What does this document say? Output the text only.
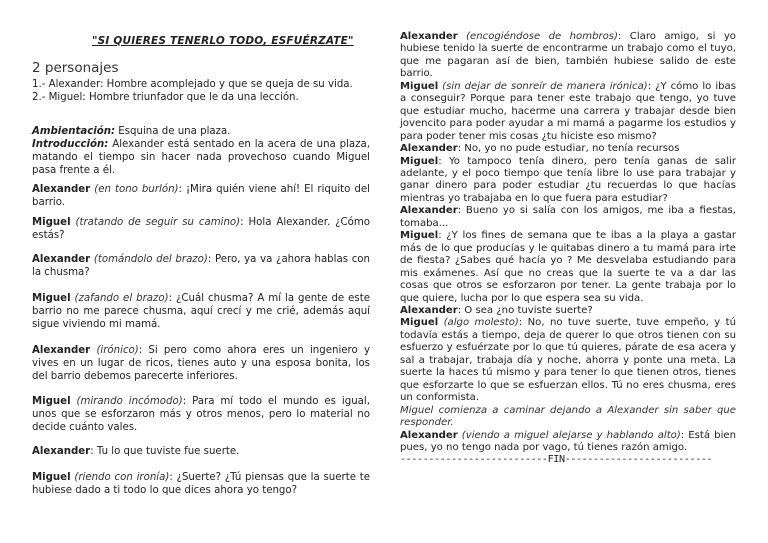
"SI QUIERES TENERLO TODO, ESFUÉRZATE"
2 personajes

1.- Alexander: Hombre acomplejado y que se queja de su vida.

2.- Miguel: Hombre triunfador que le da una lección.

Ambientación: Esquina de una plaza.

Introducción: Alexander está sentado en la acera de una plaza, matando el tiempo sin hacer nada provechoso cuando Miguel pasa frente a él.

Alexander (en tono burlón): ¡Mira quién viene ahí! El riquito del barrio.

Miguel (tratando de seguir su camino): Hola Alexander. ¿Cómo estás?

Alexander (tomándolo del brazo): Pero, ya va ¿ahora hablas con la chusma?

Miguel (zafando el brazo): ¿Cuál chusma? A mí la gente de este barrio no me parece chusma, aquí crecí y me crié, además aquí sigue viviendo mi mamá.

Alexander (irónico): Si pero como ahora eres un ingeniero y vives en un lugar de ricos, tienes auto y una esposa bonita, los del barrio debemos parecerte inferiores.

Miguel (mirando incómodo): Para mí todo el mundo es igual, unos que se esforzaron más y otros menos, pero lo material no decide cuánto vales.

Alexander: Tu lo que tuviste fue suerte.

Miguel (riendo con ironía): ¿Suerte? ¿Tú piensas que la suerte te hubiese dado a ti todo lo que dices ahora yo tengo?

Alexander (encogiéndose de hombros): Claro amigo, si yo hubiese tenido la suerte de encontrarme un trabajo como el tuyo, que me pagaran así de bien, también hubiese salido de este barrio.

Miguel (sin dejar de sonreír de manera irónica): ¿Y cómo lo ibas a conseguir? Porque para tener este trabajo que tengo, yo tuve que estudiar mucho, hacerme una carrera y trabajar desde bien jovencito para poder ayudar a mi mamá a pagarme los estudios y para poder tener mis cosas ¿tu hiciste eso mismo?

Alexander: No, yo no pude estudiar, no tenía recursos

Miguel: Yo tampoco tenía dinero, pero tenía ganas de salir adelante, y el poco tiempo que tenía libre lo use para trabajar y ganar dinero para poder estudiar ¿tu recuerdas lo que hacías mientras yo trabajaba en lo que fuera para estudiar?

Alexander: Bueno yo si salía con los amigos, me iba a fiestas, tomaba...

Miguel: ¿Y los fines de semana que te ibas a la playa a gastar más de lo que producías y le quitabas dinero a tu mamá para irte de fiesta? ¿Sabes qué hacía yo ? Me desvelaba estudiando para mis exámenes. Así que no creas que la suerte te va a dar las cosas que otros se esforzaron por tener. La gente trabaja por lo que quiere, lucha por lo que espera sea su vida.

Alexander: O sea ¿no tuviste suerte?

Miguel (algo molesto): No, no tuve suerte, tuve empeño, y tú todavía estás a tiempo, deja de querer lo que otros tienen con su esfuerzo y esfuérzate por lo que tú quieres, párate de esa acera y sal a trabajar, trabaja día y noche, ahorra y ponte una meta. La suerte la haces tú mismo y para tener lo que tienen otros, tienes que esforzarte lo que se esfuerzan ellos. Tú no eres chusma, eres un conformista.

Miguel comienza a caminar dejando a Alexander sin saber que responder.

Alexander (viendo a miguel alejarse y hablando alto): Está bien pues, yo no tengo nada por vago, tú tienes razón amigo.

--------------------------FIN--------------------------
